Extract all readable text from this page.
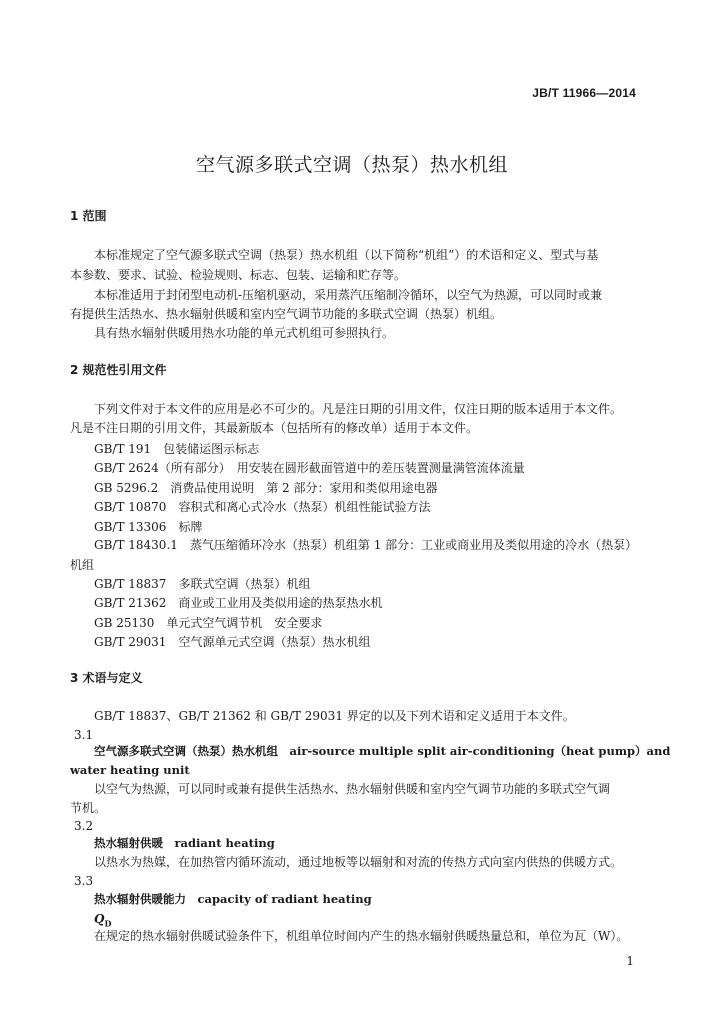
JB/T 11966—2014
空气源多联式空调（热泵）热水机组
1 范围
本标准规定了空气源多联式空调（热泵）热水机组（以下简称“机组”）的术语和定义、型式与基
本参数、要求、试验、检验规则、标志、包装、运输和贮存等。
本标准适用于封闭型电动机-压缩机驱动，采用蒸汽压缩制冷循环，以空气为热源，可以同时或兼
有提供生活热水、热水辐射供暖和室内空气调节功能的多联式空调（热泵）机组。
具有热水辐射供暖用热水功能的单元式机组可参照执行。
2 规范性引用文件
下列文件对于本文件的应用是必不可少的。凡是注日期的引用文件，仅注日期的版本适用于本文件。
凡是不注日期的引用文件，其最新版本（包括所有的修改单）适用于本文件。
GB/T 191　包装储运图示标志
GB/T 2624（所有部分）　用安装在圆形截面管道中的差压装置测量满管流体流量
GB 5296.2　消费品使用说明　第 2 部分：家用和类似用途电器
GB/T 10870　容积式和离心式冷水（热泵）机组性能试验方法
GB/T 13306　标牌
GB/T 18430.1　蒸气压缩循环冷水（热泵）机组第 1 部分：工业或商业用及类似用途的冷水（热泵）
机组
GB/T 18837　多联式空调（热泵）机组
GB/T 21362　商业或工业用及类似用途的热泵热水机
GB 25130　单元式空气调节机　安全要求
GB/T 29031　空气源单元式空调（热泵）热水机组
3 术语与定义
GB/T 18837、GB/T 21362 和 GB/T 29031 界定的以及下列术语和定义适用于本文件。
3.1
空气源多联式空调（热泵）热水机组　air-source multiple split air-conditioning（heat pump）and
water heating unit
以空气为热源，可以同时或兼有提供生活热水、热水辐射供暖和室内空气调节功能的多联式空气调
节机。
3.2
热水辐射供暖　radiant heating
以热水为热媒，在加热管内循环流动，通过地板等以辐射和对流的传热方式向室内供热的供暖方式。
3.3
热水辐射供暖能力　capacity of radiant heating
$Q_D$
在规定的热水辐射供暖试验条件下，机组单位时间内产生的热水辐射供暖热量总和，单位为瓦（W）。
1
